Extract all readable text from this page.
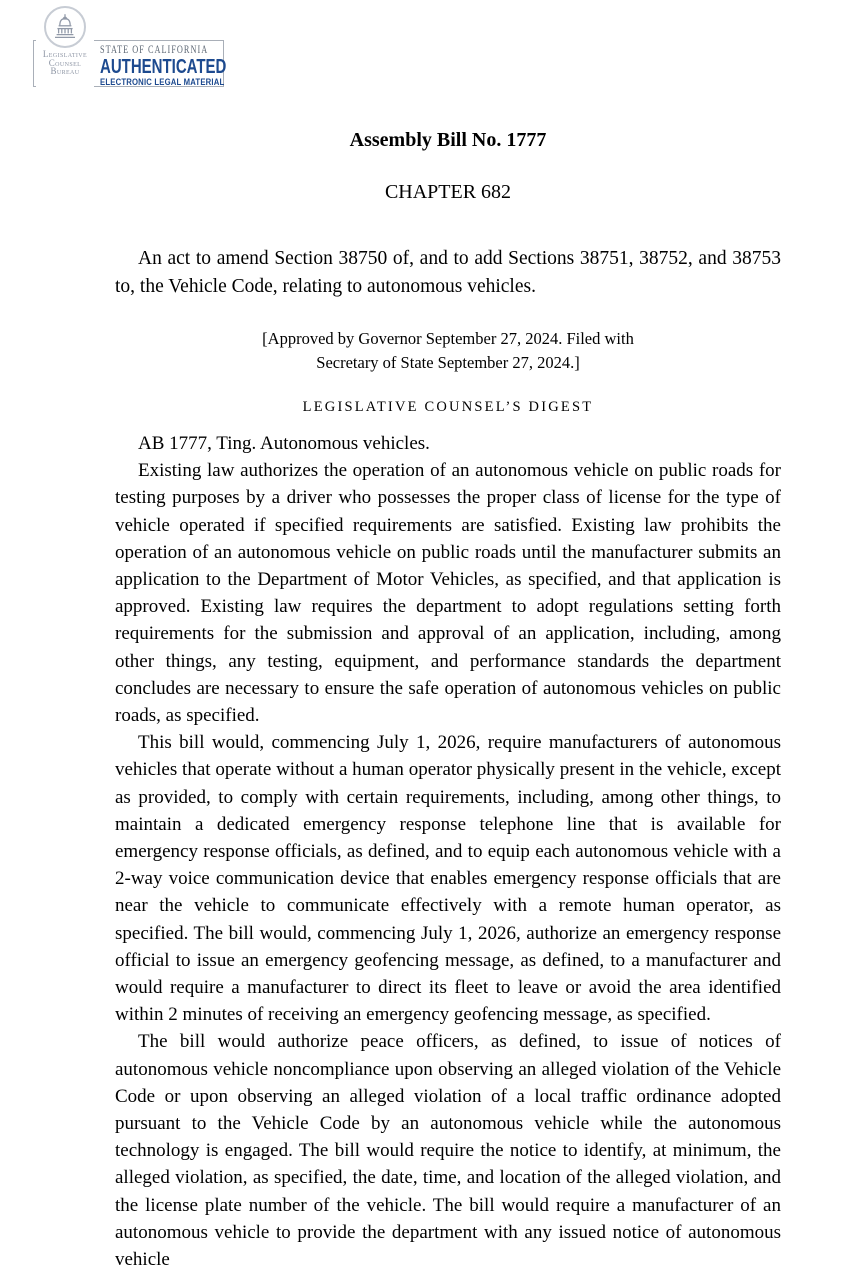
Legislative
Counsel
Bureau
STATE OF CALIFORNIA
AUTHENTICATED
ELECTRONIC LEGAL MATERIAL
Assembly Bill No. 1777
CHAPTER 682

An act to amend Section 38750 of, and to add Sections 38751, 38752, and 38753 to, the Vehicle Code, relating to autonomous vehicles.

[Approved by Governor September 27, 2024. Filed with
Secretary of State September 27, 2024.]
LEGISLATIVE COUNSEL’S DIGEST

AB 1777, Ting. Autonomous vehicles.

Existing law authorizes the operation of an autonomous vehicle on public roads for testing purposes by a driver who possesses the proper class of license for the type of vehicle operated if specified requirements are satisfied. Existing law prohibits the operation of an autonomous vehicle on public roads until the manufacturer submits an application to the Department of Motor Vehicles, as specified, and that application is approved. Existing law requires the department to adopt regulations setting forth requirements for the submission and approval of an application, including, among other things, any testing, equipment, and performance standards the department concludes are necessary to ensure the safe operation of autonomous vehicles on public roads, as specified.

This bill would, commencing July 1, 2026, require manufacturers of autonomous vehicles that operate without a human operator physically present in the vehicle, except as provided, to comply with certain requirements, including, among other things, to maintain a dedicated emergency response telephone line that is available for emergency response officials, as defined, and to equip each autonomous vehicle with a 2-way voice communication device that enables emergency response officials that are near the vehicle to communicate effectively with a remote human operator, as specified. The bill would, commencing July 1, 2026, authorize an emergency response official to issue an emergency geofencing message, as defined, to a manufacturer and would require a manufacturer to direct its fleet to leave or avoid the area identified within 2 minutes of receiving an emergency geofencing message, as specified.

The bill would authorize peace officers, as defined, to issue of notices of autonomous vehicle noncompliance upon observing an alleged violation of the Vehicle Code or upon observing an alleged violation of a local traffic ordinance adopted pursuant to the Vehicle Code by an autonomous vehicle while the autonomous technology is engaged. The bill would require the notice to identify, at minimum, the alleged violation, as specified, the date, time, and location of the alleged violation, and the license plate number of the vehicle. The bill would require a manufacturer of an autonomous vehicle to provide the department with any issued notice of autonomous vehicle
